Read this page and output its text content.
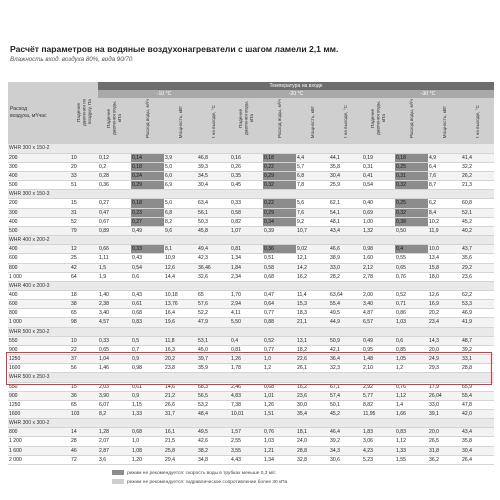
Расчёт параметров на водяные воздухонагреватели с шагом ламели 2,1 мм.
Влажность вход. воздуха 80%, вода 90/70
Расход воздуха, м³/час	Падение давления по воздуху, Па	Температура на входе											
		-10 °С				-20 °С				-30 °С			
		Падение давления воды, кПа	Расход воды, м³/ч	Мощность, кВт	t на выходе, °С	Падение давления воды, кПа	Расход воды, м³/ч	Мощность, кВт	t на выходе, °С	Падение давления воды, кПа	Расход воды, м³/ч	Мощность, кВт	t на выходе, °С
WHR 300 x 150-2													
200	10	0,12	0,14	3,9	46,8	0,16	0,18	4,4	44,1	0,19	0,18	4,9	41,4
300	20	0,2	0,18	5,0	39,3	0,26	0,22	5,7	35,8	0,31	0,25	6,4	32,2
400	33	0,28	0,24	6,0	34,5	0,35	0,29	6,8	30,4	0,41	0,31	7,6	26,2
500	51	0,36	0,29	6,9	30,4	0,45	0,32	7,8	25,9	0,54	0,32	8,7	21,3
WHR 300 x 150-3													
200	15	0,27	0,18	5,0	63,4	0,33	0,22	5,6	62,1	0,40	0,25	6,2	60,8
300	31	0,47	0,23	6,8	56,1	0,58	0,29	7,6	54,1	0,69	0,32	8,4	52,1
400	52	0,67	0,27	8,2	50,3	0,82	0,34	9,2	48,1	1,00	0,38	10,2	45,2
500	79	0,89	0,49	9,6	45,8	1,07	0,39	10,7	43,4	1,32	0,50	11,9	40,2
WHR 400 x 200-2													
400	12	0,66	0,33	8,1	49,4	0,81	0,36	9,02	46,6	0,98	0,4	10,0	43,7
600	25	1,11	0,43	10,9	42,3	1,34	0,51	12,1	38,9	1,60	0,55	13,4	35,6
800	42	1,5	0,54	12,6	36,46	1,84	0,58	14,2	33,0	2,12	0,65	15,8	29,2
1 000	64	1,9	0,6	14,4	32,6	2,34	0,68	16,2	28,2	2,78	0,76	18,0	23,6
WHR 400 x 200-3													
400	18	1,40	0,43	10,18	65	1,70	0,47	11,4	63,64	2,00	0,52	12,6	62,2
600	38	2,38	0,61	13,76	57,6	2,94	0,64	15,3	55,4	3,40	0,71	16,9	53,3
800	65	3,40	0,68	16,4	52,2	4,11	0,77	18,3	49,5	4,87	0,86	20,2	46,9
1 000	98	4,57	0,83	19,6	47,9	5,50	0,88	21,1	44,9	6,57	1,03	23,4	41,9
WHR 500 x 250-2													
550	10	0,33	0,5	11,8	53,1	0,4	0,52	13,1	50,9	0,49	0,6	14,3	48,7
900	22	0,65	0,7	16,3	45,0	0,81	0,77	18,2	42,1	0,95	0,85	20,0	39,2
1250	37	1,04	0,9	20,2	39,7	1,26	1,0	22,6	36,4	1,48	1,05	24,9	33,1
1600	56	1,46	0,98	23,8	35,9	1,78	1,2	26,1	32,3	2,10	1,2	29,3	28,8
WHR 500 x 250-3													
550	15	2,03	0,61	14,6	68,3	2,46	0,68	16,2	67,1	2,92	0,76	17,9	65,9
900	36	3,90	0,9	21,2	56,5	4,83	1,01	23,6	57,4	5,77	1,12	26,04	55,4
1250	65	6,07	1,15	26,6	53,2	7,38	1,26	30,0	50,1	8,82	1,4	33,0	47,8
1600	103	8,2	1,33	31,7	48,4	10,01	1,51	35,4	45,2	11,95	1,66	39,1	42,0
WHR 300 x 300-2													
800	14	1,28	0,68	16,1	49,5	1,57	0,76	18,1	46,4	1,83	0,83	20,0	43,4
1 200	28	2,07	1,0	21,5	42,6	2,55	1,03	24,0	39,2	3,06	1,12	26,5	35,8
1 600	46	2,87	1,08	25,8	38,2	3,55	1,21	28,8	34,3	4,23	1,33	31,8	30,4
2 000	72	3,6	1,20	29,4	34,8	4,43	1,34	32,8	30,6	5,23	1,55	36,2	26,4
режим не рекомендуется: скорость воды в трубках меньше 0,3 м/с
режим не рекомендуется: гидравлическое сопротивление более 30 кПа
